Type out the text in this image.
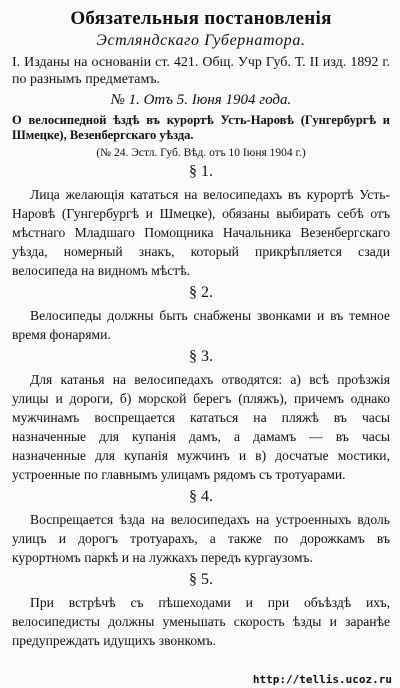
Обязательныя постановленія
Эстляндскаго Губернатора.

I. Изданы на основаніи ст. 421. Общ. Учр Губ. Т. II изд. 1892 г. по разнымъ предметамъ.

№ 1. Отъ 5. Іюня 1904 года.

О велосипедной ѣздѣ въ курортѣ Усть-Наровѣ (Гунгербургѣ и Шмецке), Везенбергскаго уѣзда.

(№ 24. Эстл. Губ. Вѣд. отъ 10 Іюня 1904 г.)
§ 1.

Лица желающія кататься на велосипедахъ въ курортѣ Усть-Наровѣ (Гунгербургѣ и Шмецке), обязаны выбирать себѣ отъ мѣстнаго Младшаго Помощника Начальника Везенбергскаго уѣзда, номерный знакъ, который прикрѣпляется сзади велосипеда на видномъ мѣстѣ.

§ 2.

Велосипеды должны быть снабжены звонками и въ темное время фонарями.

§ 3.

Для катанья на велосипедахъ отводятся: а) всѣ проѣзжія улицы и дороги, б) морской берегъ (пляжъ), причемъ однако мужчинамъ воспрещается кататься на пляжѣ въ часы назначенные для купанія дамъ, а дамамъ — въ часы назначенные для купанія мужчинъ и в) досчатые мостики, устроенные по главнымъ улицамъ рядомъ съ тротуарами.

§ 4.

Воспрещается ѣзда на велосипедахъ на устроенныхъ вдоль улицъ и дорогъ тротуарахъ, а также по дорожкамъ въ курортномъ паркѣ и на лужкахъ передъ кургаузомъ.

§ 5.

При встрѣчѣ съ пѣшеходами и при объѣздѣ ихъ, велосипедисты должны уменьшать скорость ѣзды и заранѣе предупреждать идущихъ звонкомъ.

http://tellis.ucoz.ru
